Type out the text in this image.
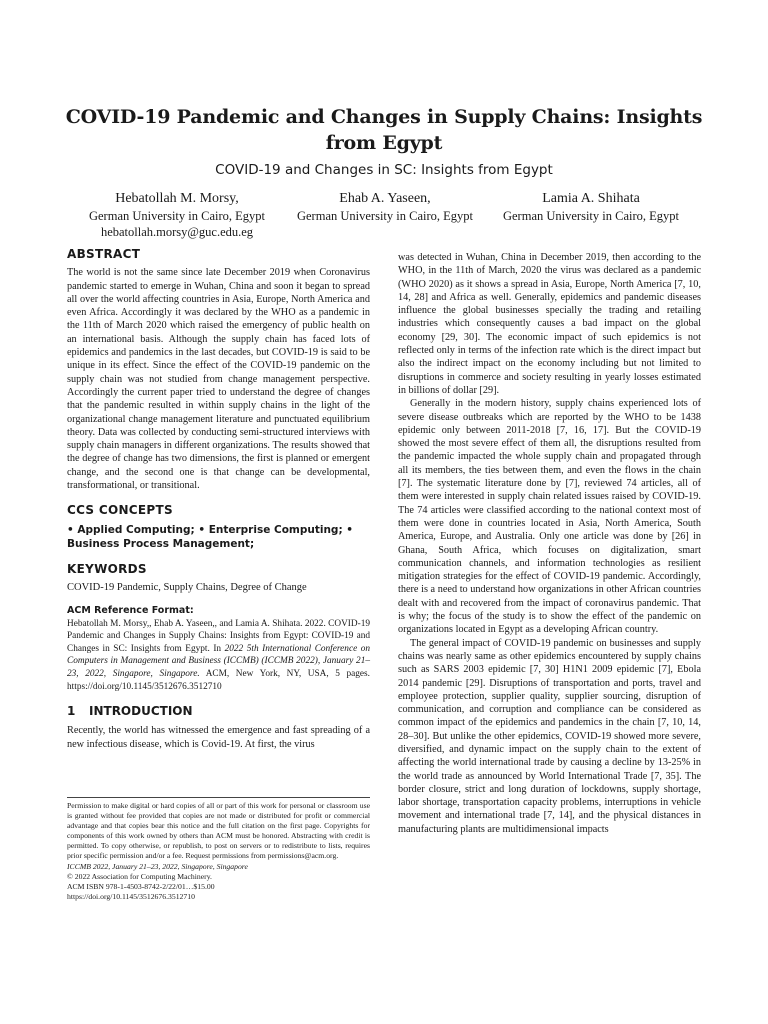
COVID-19 Pandemic and Changes in Supply Chains: Insights from Egypt
COVID-19 and Changes in SC: Insights from Egypt
Hebatollah M. Morsy,
German University in Cairo, Egypt
hebatollah.morsy@guc.edu.eg
Ehab A. Yaseen,
German University in Cairo, Egypt
Lamia A. Shihata
German University in Cairo, Egypt
ABSTRACT

The world is not the same since late December 2019 when Coronavirus pandemic started to emerge in Wuhan, China and soon it began to spread all over the world affecting countries in Asia, Europe, North America and even Africa. Accordingly it was declared by the WHO as a pandemic in the 11th of March 2020 which raised the emergency of public health on an international basis. Although the supply chain has faced lots of epidemics and pandemics in the last decades, but COVID-19 is said to be unique in its effect. Since the effect of the COVID-19 pandemic on the supply chain was not studied from change management perspective. Accordingly the current paper tried to understand the degree of changes that the pandemic resulted in within supply chains in the light of the organizational change management literature and punctuated equilibrium theory. Data was collected by conducting semi-structured interviews with supply chain managers in different organizations. The results showed that the degree of change has two dimensions, the first is planned or emergent change, and the second one is that change can be developmental, transformational, or transitional.

CCS CONCEPTS
• Applied Computing; • Enterprise Computing; • Business Process Management;
KEYWORDS
COVID-19 Pandemic, Supply Chains, Degree of Change
ACM Reference Format:
Hebatollah M. Morsy,, Ehab A. Yaseen,, and Lamia A. Shihata. 2022. COVID-19 Pandemic and Changes in Supply Chains: Insights from Egypt: COVID-19 and Changes in SC: Insights from Egypt. In 2022 5th International Conference on Computers in Management and Business (ICCMB) (ICCMB 2022), January 21–23, 2022, Singapore, Singapore. ACM, New York, NY, USA, 5 pages. https://doi.org/10.1145/3512676.3512710
1 INTRODUCTION

Recently, the world has witnessed the emergence and fast spreading of a new infectious disease, which is Covid-19. At first, the virus

Permission to make digital or hard copies of all or part of this work for personal or classroom use is granted without fee provided that copies are not made or distributed for profit or commercial advantage and that copies bear this notice and the full citation on the first page. Copyrights for components of this work owned by others than ACM must be honored. Abstracting with credit is permitted. To copy otherwise, or republish, to post on servers or to redistribute to lists, requires prior specific permission and/or a fee. Request permissions from permissions@acm.org.
ICCMB 2022, January 21–23, 2022, Singapore, Singapore
© 2022 Association for Computing Machinery.
ACM ISBN 978-1-4503-8742-2/22/01…$15.00
https://doi.org/10.1145/3512676.3512710

was detected in Wuhan, China in December 2019, then according to the WHO, in the 11th of March, 2020 the virus was declared as a pandemic (WHO 2020) as it shows a spread in Asia, Europe, North America [7, 10, 14, 28] and Africa as well. Generally, epidemics and pandemic diseases influence the global businesses specially the trading and retailing industries which consequently causes a bad impact on the global economy [29, 30]. The economic impact of such epidemics is not reflected only in terms of the infection rate which is the direct impact but also the indirect impact on the economy including but not limited to disruptions in commerce and society resulting in yearly losses estimated in billions of dollar [29].

Generally in the modern history, supply chains experienced lots of severe disease outbreaks which are reported by the WHO to be 1438 epidemic only between 2011-2018 [7, 16, 17]. But the COVID-19 showed the most severe effect of them all, the disruptions resulted from the pandemic impacted the whole supply chain and propagated through all its members, the ties between them, and even the flows in the chain [7]. The systematic literature done by [7], reviewed 74 articles, all of them were interested in supply chain related issues raised by COVID-19. The 74 articles were classified according to the national context most of them were done in countries located in Asia, North America, South America, Europe, and Australia. Only one article was done by [26] in Ghana, South Africa, which focuses on digitalization, smart communication channels, and information technologies as resilient mitigation strategies for the effect of COVID-19 pandemic. Accordingly, there is a need to understand how organizations in other African countries dealt with and recovered from the impact of coronavirus pandemic. That is why; the focus of the study is to show the effect of the pandemic on organizations located in Egypt as a developing African country.

The general impact of COVID-19 pandemic on businesses and supply chains was nearly same as other epidemics encountered by supply chains such as SARS 2003 epidemic [7, 30] H1N1 2009 epidemic [7], Ebola 2014 pandemic [29]. Disruptions of transportation and ports, travel and employee protection, supplier quality, supplier sourcing, disruption of communication, and corruption and compliance can be considered as common impact of the epidemics and pandemics in the chain [7, 10, 14, 28–30]. But unlike the other epidemics, COVID-19 showed more severe, diversified, and dynamic impact on the supply chain to the extent of affecting the world international trade by causing a decline by 13-25% in the world trade as announced by World International Trade [7, 35]. The border closure, strict and long duration of lockdowns, supply shortage, labor shortage, transportation capacity problems, interruptions in vehicle movement and international trade [7, 14], and the physical distances in manufacturing plants are multidimensional impacts
